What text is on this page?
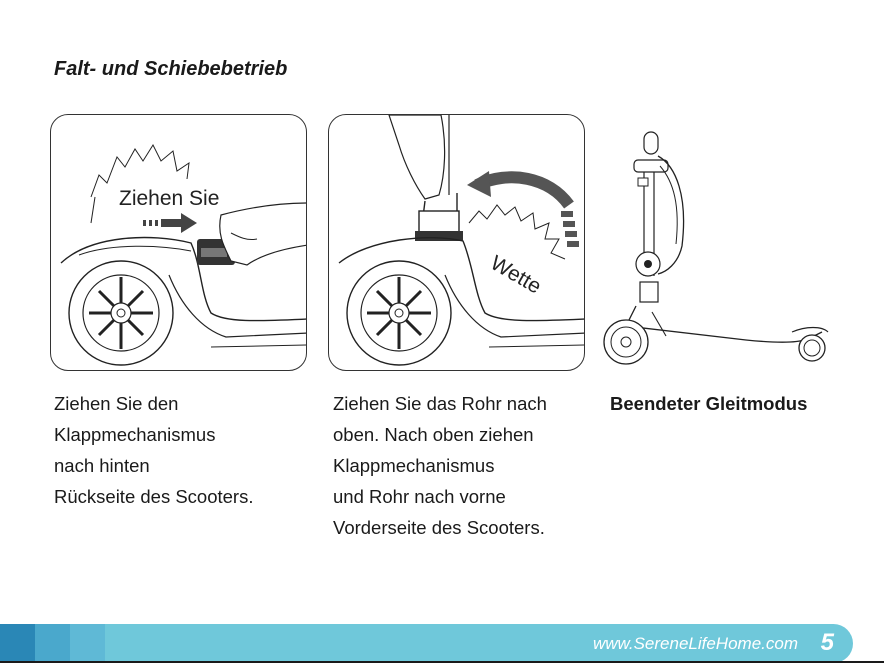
Falt- und Schiebebetrieb
Ziehen Sie
Wette
Ziehen Sie den
Klappmechanismus
nach hinten
Rückseite des Scooters.
Ziehen Sie das Rohr nach
oben. Nach oben ziehen
Klappmechanismus
und Rohr nach vorne
Vorderseite des Scooters.
Beendeter Gleitmodus
www.SereneLifeHome.com 5
